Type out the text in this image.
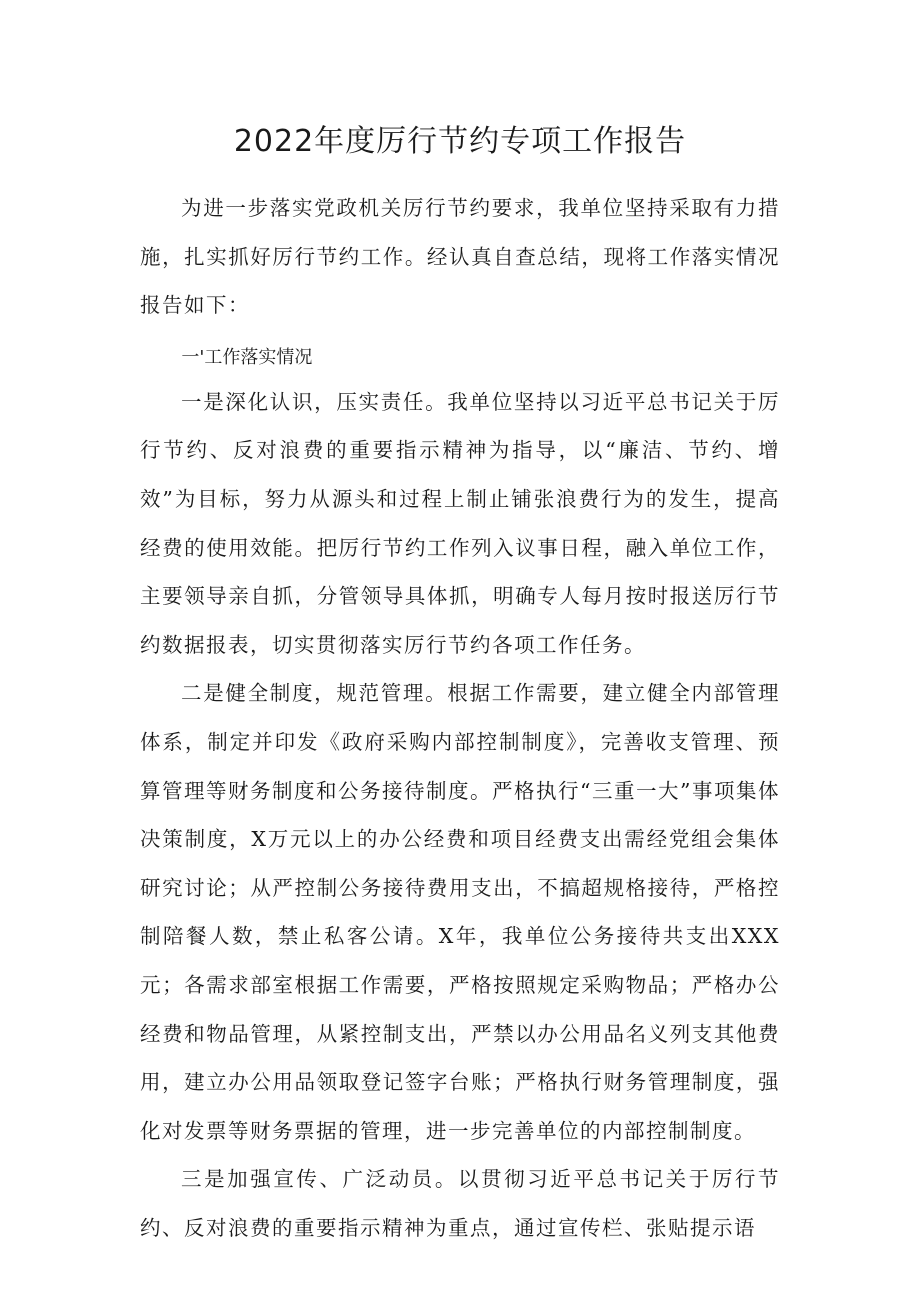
2022年度厉行节约专项工作报告

为进一步落实党政机关厉行节约要求，我单位坚持采取有力措施，扎实抓好厉行节约工作。经认真自查总结，现将工作落实情况报告如下：

一'工作落实情况

一是深化认识，压实责任。我单位坚持以习近平总书记关于厉行节约、反对浪费的重要指示精神为指导，以“廉洁、节约、增效”为目标，努力从源头和过程上制止铺张浪费行为的发生，提高经费的使用效能。把厉行节约工作列入议事日程，融入单位工作，主要领导亲自抓，分管领导具体抓，明确专人每月按时报送厉行节约数据报表，切实贯彻落实厉行节约各项工作任务。

二是健全制度，规范管理。根据工作需要，建立健全内部管理体系，制定并印发《政府采购内部控制制度》，完善收支管理、预算管理等财务制度和公务接待制度。严格执行“三重一大”事项集体决策制度，X万元以上的办公经费和项目经费支出需经党组会集体研究讨论；从严控制公务接待费用支出，不搞超规格接待，严格控制陪餐人数，禁止私客公请。X年，我单位公务接待共支出XXX元；各需求部室根据工作需要，严格按照规定采购物品；严格办公经费和物品管理，从紧控制支出，严禁以办公用品名义列支其他费用，建立办公用品领取登记签字台账；严格执行财务管理制度，强化对发票等财务票据的管理，进一步完善单位的内部控制制度。

三是加强宣传、广泛动员。以贯彻习近平总书记关于厉行节约、反对浪费的重要指示精神为重点，通过宣传栏、张贴提示语
